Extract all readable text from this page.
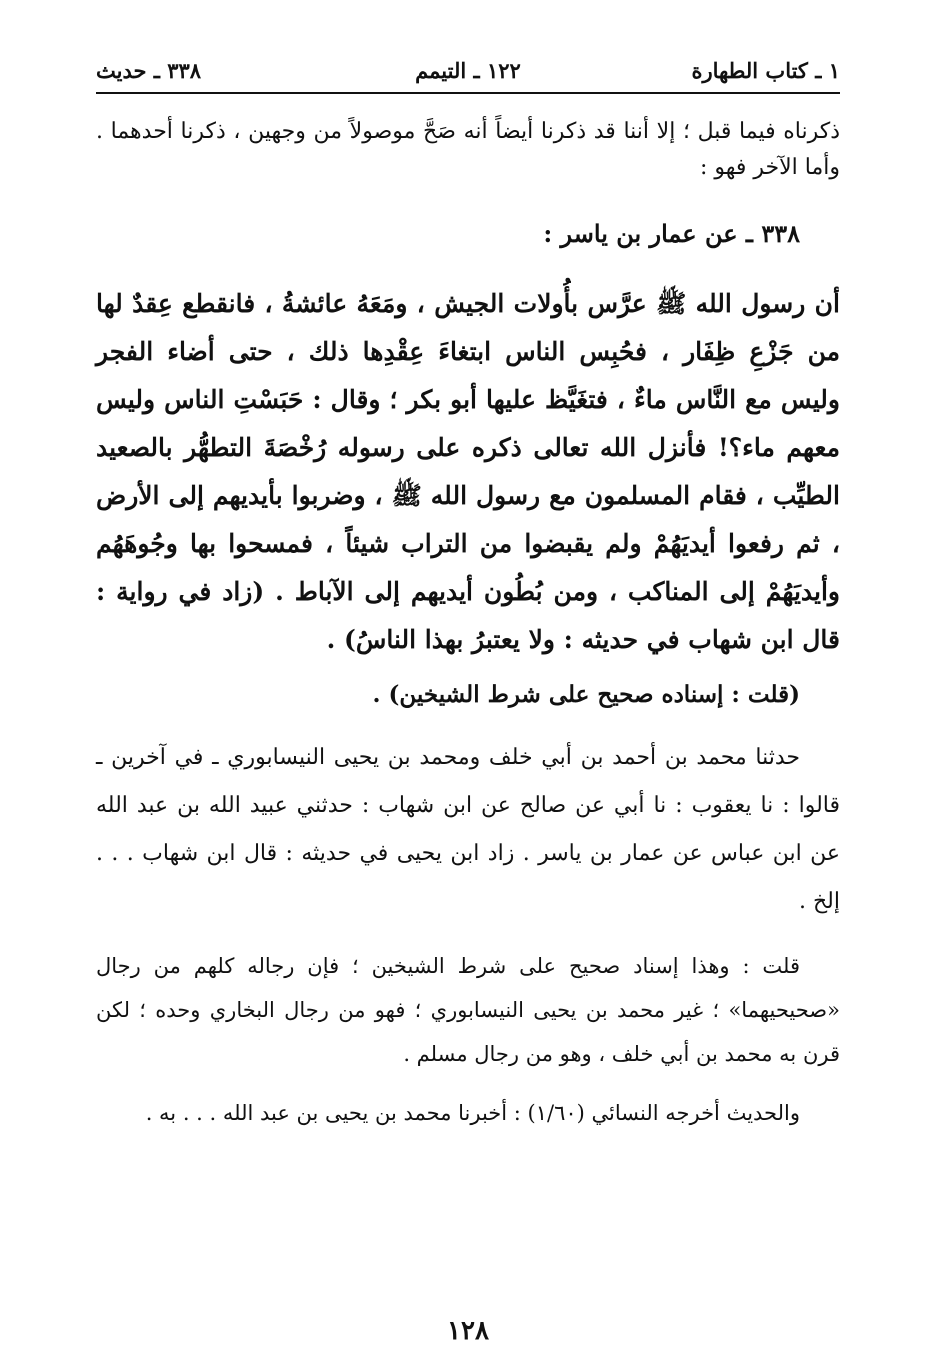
١ ـ كتاب الطهارة
١٢٢ ـ التيمم
٣٣٨ ـ حديث

ذكرناه فيما قبل ؛ إلا أننا قد ذكرنا أيضاً أنه صَحَّ موصولاً من وجهين ، ذكرنا أحدهما . وأما الآخر فهو :

٣٣٨ ـ عن عمار بن ياسر :

أن رسول الله ﷺ عرَّس بأُولات الجيش ، ومَعَهُ عائشةُ ، فانقطع عِقدٌ لها من جَزْعِ ظِفَار ، فحُبِس الناس ابتغاءَ عِقْدِها ذلك ، حتى أضاء الفجر وليس مع النَّاس ماءٌ ، فتغَيَّظ عليها أبو بكر ؛ وقال : حَبَسْتِ الناس وليس معهم ماء؟! فأنزل الله تعالى ذكره على رسوله رُخْصَةَ التطهُّر بالصعيد الطيِّب ، فقام المسلمون مع رسول الله ﷺ ، وضربوا بأيديهم إلى الأرض ، ثم رفعوا أيديَهُمْ ولم يقبضوا من التراب شيئاً ، فمسحوا بها وجُوهَهُم وأيديَهُمْ إلى المناكب ، ومن بُطُون أيديهم إلى الآباط . (زاد في رواية : قال ابن شهاب في حديثه : ولا يعتبرُ بهذا الناسُ) .

(قلت : إسناده صحيح على شرط الشيخين) .

حدثنا محمد بن أحمد بن أبي خلف ومحمد بن يحيى النيسابوري ـ في آخرين ـ قالوا : نا يعقوب : نا أبي عن صالح عن ابن شهاب : حدثني عبيد الله بن عبد الله عن ابن عباس عن عمار بن ياسر . زاد ابن يحيى في حديثه : قال ابن شهاب . . . إلخ .

قلت : وهذا إسناد صحيح على شرط الشيخين ؛ فإن رجاله كلهم من رجال «صحيحيهما» ؛ غير محمد بن يحيى النيسابوري ؛ فهو من رجال البخاري وحده ؛ لكن قرن به محمد بن أبي خلف ، وهو من رجال مسلم .

والحديث أخرجه النسائي (١/٦٠) : أخبرنا محمد بن يحيى بن عبد الله . . . به .

١٢٨
